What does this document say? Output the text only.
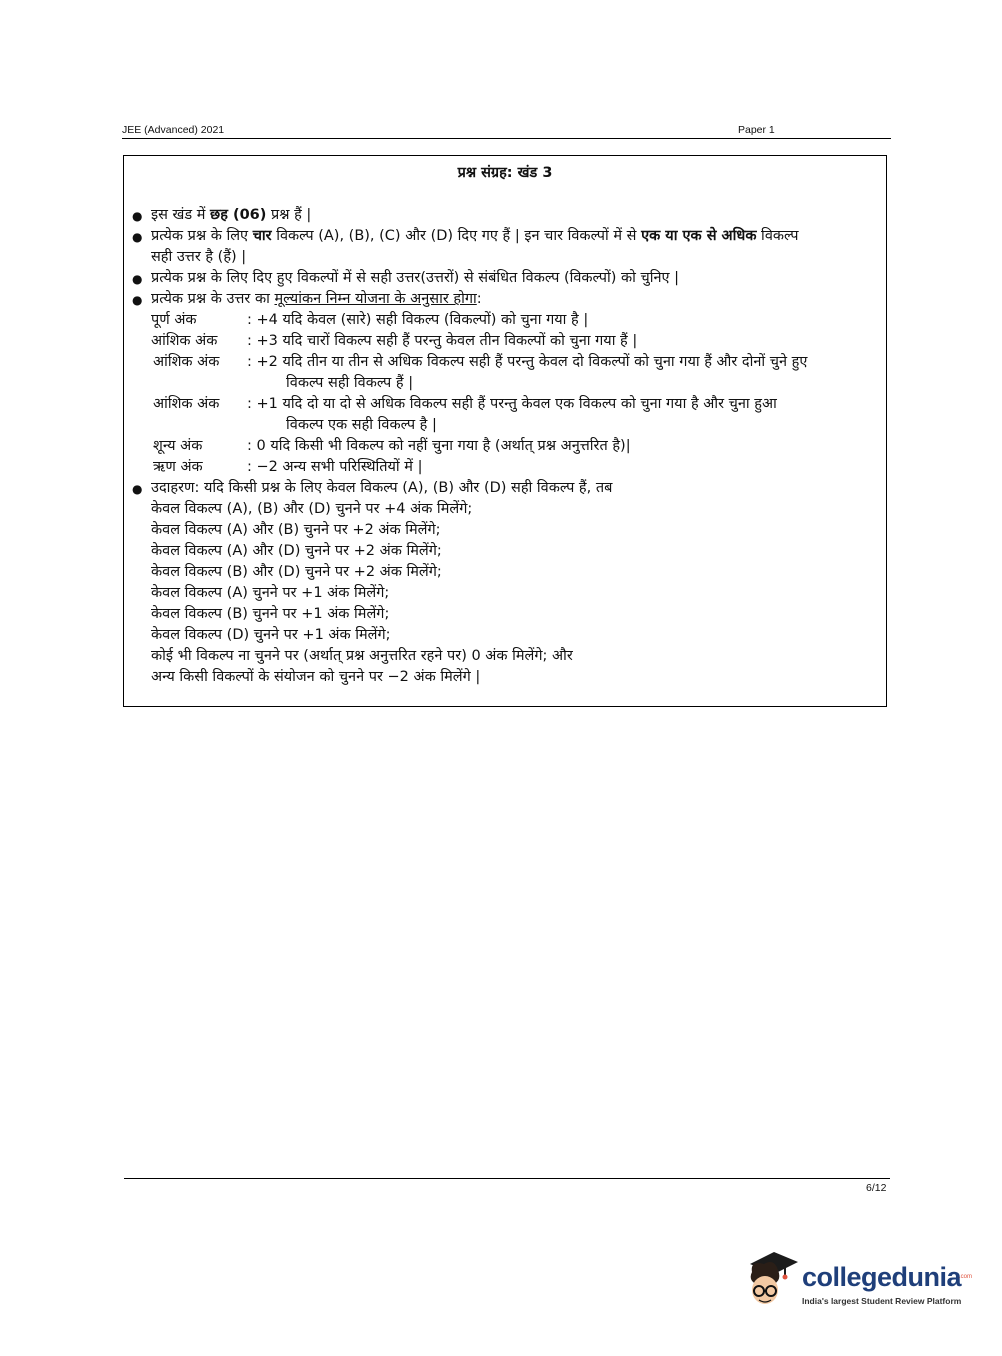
JEE (Advanced) 2021	Paper 1
प्रश्न संग्रह: खंड 3
● इस खंड में छह (06) प्रश्न हैं |
● प्रत्येक प्रश्न के लिए चार विकल्प (A), (B), (C) और (D) दिए गए हैं | इन चार विकल्पों में से एक या एक से अधिक विकल्प
सही उत्तर है (हैं) |
● प्रत्येक प्रश्न के लिए दिए हुए विकल्पों में से सही उत्तर(उत्तरों) से संबंधित विकल्प (विकल्पों) को चुनिए |
● प्रत्येक प्रश्न के उत्तर का मूल्यांकन निम्न योजना के अनुसार होगा:
पूर्ण अंक	: +4 यदि केवल (सारे) सही विकल्प (विकल्पों) को चुना गया है |
आंशिक अंक : +3 यदि चारों विकल्प सही हैं परन्तु केवल तीन विकल्पों को चुना गया हैं |
आंशिक अंक : +2 यदि तीन या तीन से अधिक विकल्प सही हैं परन्तु केवल दो विकल्पों को चुना गया हैं और दोनों चुने हुए
विकल्प सही विकल्प हैं |
आंशिक अंक : +1 यदि दो या दो से अधिक विकल्प सही हैं परन्तु केवल एक विकल्प को चुना गया है और चुना हुआ
विकल्प एक सही विकल्प है |
शून्य अंक	: 0 यदि किसी भी विकल्प को नहीं चुना गया है (अर्थात् प्रश्न अनुत्तरित है)|
ऋण अंक	: −2 अन्य सभी परिस्थितियों में |
● उदाहरण: यदि किसी प्रश्न के लिए केवल विकल्प (A), (B) और (D) सही विकल्प हैं, तब
केवल विकल्प (A), (B) और (D) चुनने पर +4 अंक मिलेंगे;
केवल विकल्प (A) और (B) चुनने पर +2 अंक मिलेंगे;
केवल विकल्प (A) और (D) चुनने पर +2 अंक मिलेंगे;
केवल विकल्प (B) और (D) चुनने पर +2 अंक मिलेंगे;
केवल विकल्प (A) चुनने पर +1 अंक मिलेंगे;
केवल विकल्प (B) चुनने पर +1 अंक मिलेंगे;
केवल विकल्प (D) चुनने पर +1 अंक मिलेंगे;
कोई भी विकल्प ना चुनने पर (अर्थात् प्रश्न अनुत्तरित रहने पर) 0 अंक मिलेंगे; और
अन्य किसी विकल्पों के संयोजन को चुनने पर −2 अंक मिलेंगे |
6/12
collegedunia
.com
India's largest Student Review Platform
